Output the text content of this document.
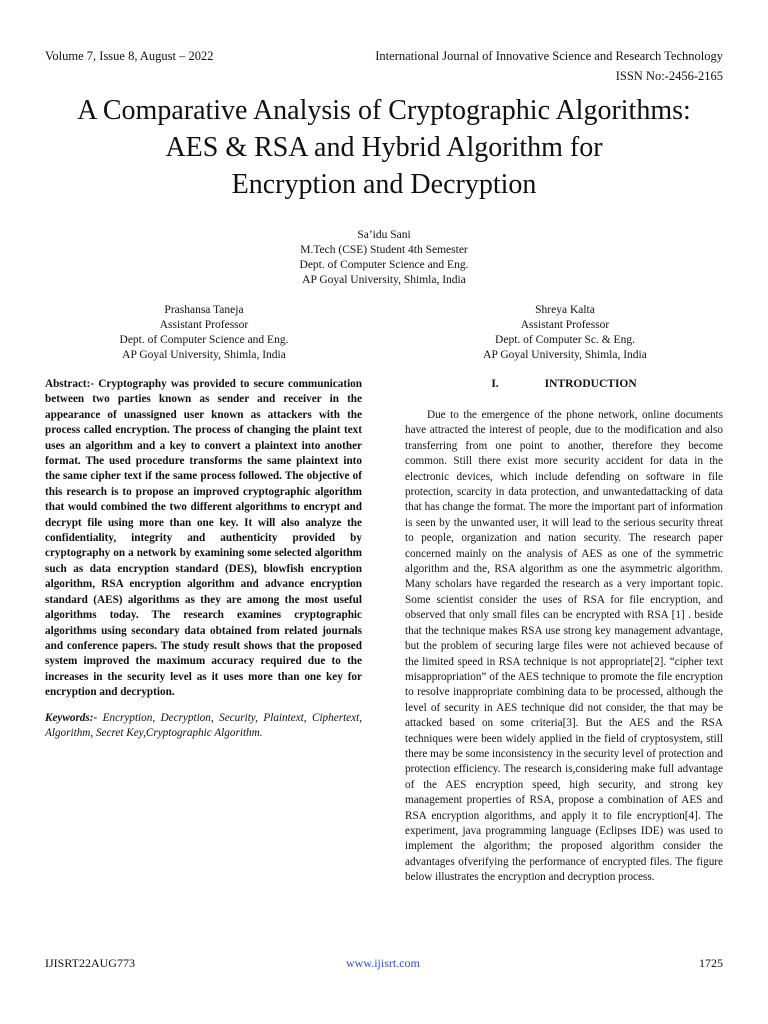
Volume 7, Issue 8, August – 2022	International Journal of Innovative Science and Research Technology
ISSN No:-2456-2165
A Comparative Analysis of Cryptographic Algorithms:
AES & RSA and Hybrid Algorithm for
Encryption and Decryption
Sa’idu Sani
M.Tech (CSE) Student 4th Semester
Dept. of Computer Science and Eng.
AP Goyal University, Shimla, India
Prashansa Taneja
Assistant Professor
Dept. of Computer Science and Eng.
AP Goyal University, Shimla, India
Shreya Kalta
Assistant Professor
Dept. of Computer Sc. & Eng.
AP Goyal University, Shimla, India
Abstract:- Cryptography was provided to secure communication between two parties known as sender and receiver in the appearance of unassigned user known as attackers with the process called encryption. The process of changing the plaint text uses an algorithm and a key to convert a plaintext into another format. The used procedure transforms the same plaintext into the same cipher text if the same process followed. The objective of this research is to propose an improved cryptographic algorithm that would combined the two different algorithms to encrypt and decrypt file using more than one key. It will also analyze the confidentiality, integrity and authenticity provided by cryptography on a network by examining some selected algorithm such as data encryption standard (DES), blowfish encryption algorithm, RSA encryption algorithm and advance encryption standard (AES) algorithms as they are among the most useful algorithms today. The research examines cryptographic algorithms using secondary data obtained from related journals and conference papers. The study result shows that the proposed system improved the maximum accuracy required due to the increases in the security level as it uses more than one key for encryption and decryption.
Keywords:- Encryption, Decryption, Security, Plaintext, Ciphertext, Algorithm, Secret Key,Cryptographic Algorithm.
I.	INTRODUCTION

Due to the emergence of the phone network, online documents have attracted the interest of people, due to the modification and also transferring from one point to another, therefore they become common. Still there exist more security accident for data in the electronic devices, which include defending on software in file protection, scarcity in data protection, and unwantedattacking of data that has change the format. The more the important part of information is seen by the unwanted user, it will lead to the serious security threat to people, organization and nation security. The research paper concerned mainly on the analysis of AES as one of the symmetric algorithm and the, RSA algorithm as one the asymmetric algorithm. Many scholars have regarded the research as a very important topic. Some scientist consider the uses of RSA for file encryption, and observed that only small files can be encrypted with RSA [1] . beside that the technique makes RSA use strong key management advantage, but the problem of securing large files were not achieved because of the limited speed in RSA technique is not appropriate[2]. “cipher text misappropriation” of the AES technique to promote the file encryption to resolve inappropriate combining data to be processed, although the level of security in AES technique did not consider, the that may be attacked based on some criteria[3]. But the AES and the RSA techniques were been widely applied in the field of cryptosystem, still there may be some inconsistency in the security level of protection and protection efficiency. The research is,considering make full advantage of the AES encryption speed, high security, and strong key management properties of RSA, propose a combination of AES and RSA encryption algorithms, and apply it to file encryption[4]. The experiment, java programming language (Eclipses IDE) was used to implement the algorithm; the proposed algorithm consider the advantages ofverifying the performance of encrypted files. The figure below illustrates the encryption and decryption process.

IJISRT22AUG773	www.ijisrt.com	1725
